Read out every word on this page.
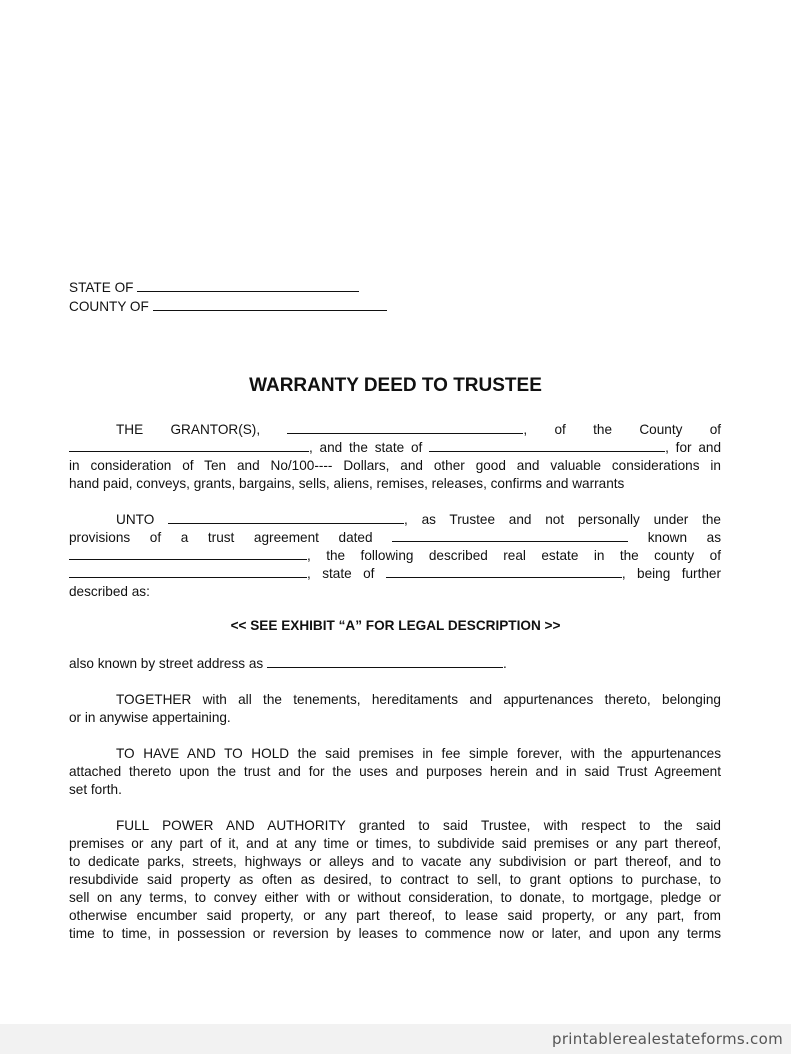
STATE OF
COUNTY OF
WARRANTY DEED TO TRUSTEE
THE GRANTOR(S),	, of the County of
, and the state of	, for and
in consideration of Ten and No/100---- Dollars, and other good and valuable considerations in
hand paid, conveys, grants, bargains, sells, aliens, remises, releases, confirms and warrants
UNTO	, as Trustee and not personally under the
provisions of a trust agreement dated	known as
, the following described real estate in the county of
, state of	, being further
described as:
<< SEE EXHIBIT “A” FOR LEGAL DESCRIPTION >>
also known by street address as	.
TOGETHER with all the tenements, hereditaments and appurtenances thereto, belonging
or in anywise appertaining.
TO HAVE AND TO HOLD the said premises in fee simple forever, with the appurtenances
attached thereto upon the trust and for the uses and purposes herein and in said Trust Agreement
set forth.
FULL POWER AND AUTHORITY granted to said Trustee, with respect to the said
premises or any part of it, and at any time or times, to subdivide said premises or any part thereof,
to dedicate parks, streets, highways or alleys and to vacate any subdivision or part thereof, and to
resubdivide said property as often as desired, to contract to sell, to grant options to purchase, to
sell on any terms, to convey either with or without consideration, to donate, to mortgage, pledge or
otherwise encumber said property, or any part thereof, to lease said property, or any part, from
time to time, in possession or reversion by leases to commence now or later, and upon any terms
printablerealestateforms.com
